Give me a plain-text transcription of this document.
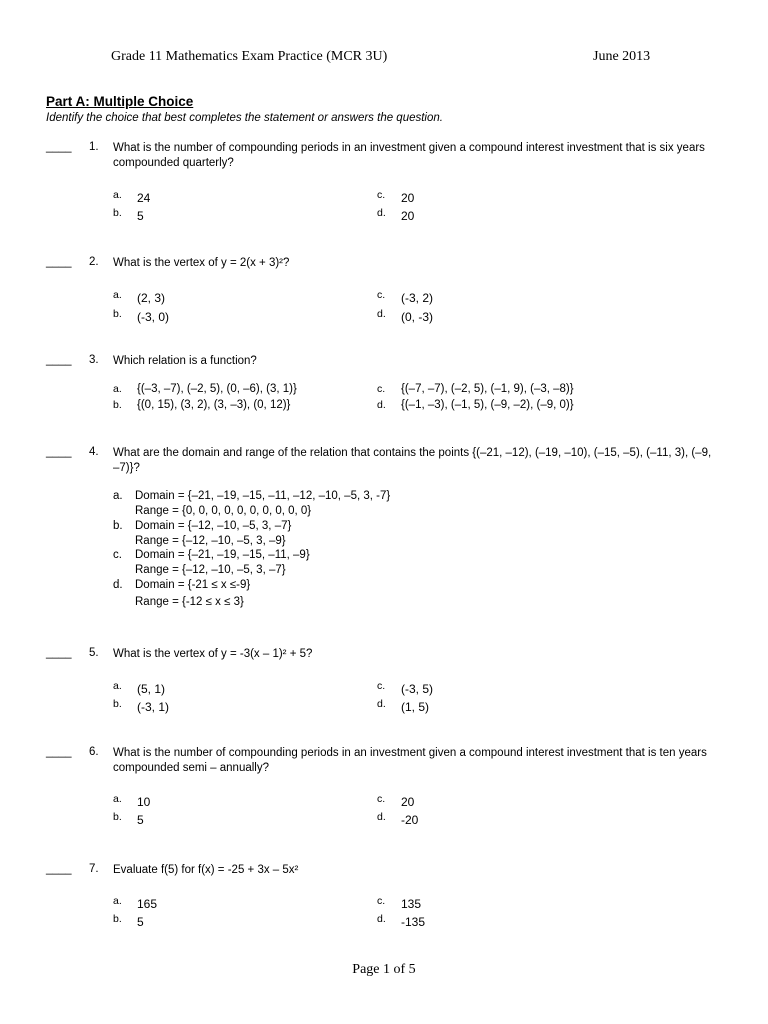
Grade 11 Mathematics Exam Practice (MCR 3U)	June 2013
Part A: Multiple Choice
Identify the choice that best completes the statement or answers the question.
____ 1. What is the number of compounding periods in an investment given a compound interest investment that is six years compounded quarterly?
a. 24
b. 5
c. 20
d. 20
____ 2. What is the vertex of y = 2(x + 3)²?
a. (2, 3)
b. (-3, 0)
c. (-3, 2)
d. (0, -3)
____ 3. Which relation is a function?
a. {(–3, –7), (–2, 5), (0, –6), (3, 1)}
b. {(0, 15), (3, 2), (3, –3), (0, 12)}
c. {(–7, –7), (–2, 5), (–1, 9), (–3, –8)}
d. {(–1, –3), (–1, 5), (–9, –2), (–9, 0)}
____ 4. What are the domain and range of the relation that contains the points {(–21, –12), (–19, –10), (–15, –5), (–11, 3), (–9, –7)}?
a. Domain = {–21, –19, –15, –11, –12, –10, –5, 3, -7}
Range = {0, 0, 0, 0, 0, 0, 0, 0, 0, 0}
b. Domain = {–12, –10, –5, 3, –7}
Range = {–12, –10, –5, 3, –9}
c. Domain = {–21, –19, –15, –11, –9}
Range = {–12, –10, –5, 3, –7}
d. Domain = {-21 ≤ x ≤-9}
Range = {-12 ≤ x ≤ 3}
____ 5. What is the vertex of y = -3(x – 1)² + 5?
a. (5, 1)
b. (-3, 1)
c. (-3, 5)
d. (1, 5)
____ 6. What is the number of compounding periods in an investment given a compound interest investment that is ten years compounded semi – annually?
a. 10
b. 5
c. 20
d. -20
____ 7. Evaluate f(5) for f(x) = -25 + 3x – 5x²
a. 165
b. 5
c. 135
d. -135
Page 1 of 5
